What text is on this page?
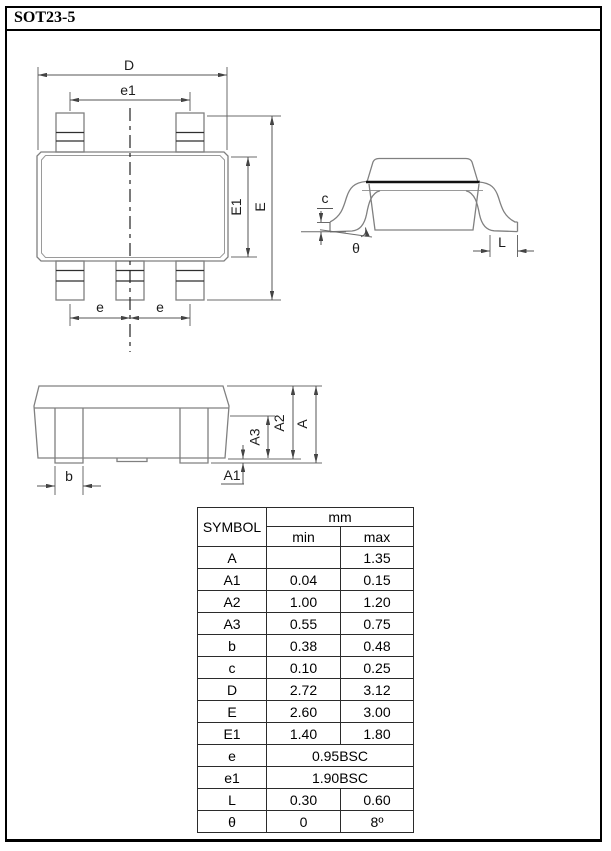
SOT23-5
D
e1
E1 E
e	e
c
θ	L
b
A3
A2 A
A1
SYMBOL	mm	
	min	max
A		1.35
A1	0.04	0.15
A2	1.00	1.20
A3	0.55	0.75
b	0.38	0.48
c	0.10	0.25
D	2.72	3.12
E	2.60	3.00
E1	1.40	1.80
e	0.95BSC	
e1	1.90BSC	
L	0.30	0.60
θ	0	8º
